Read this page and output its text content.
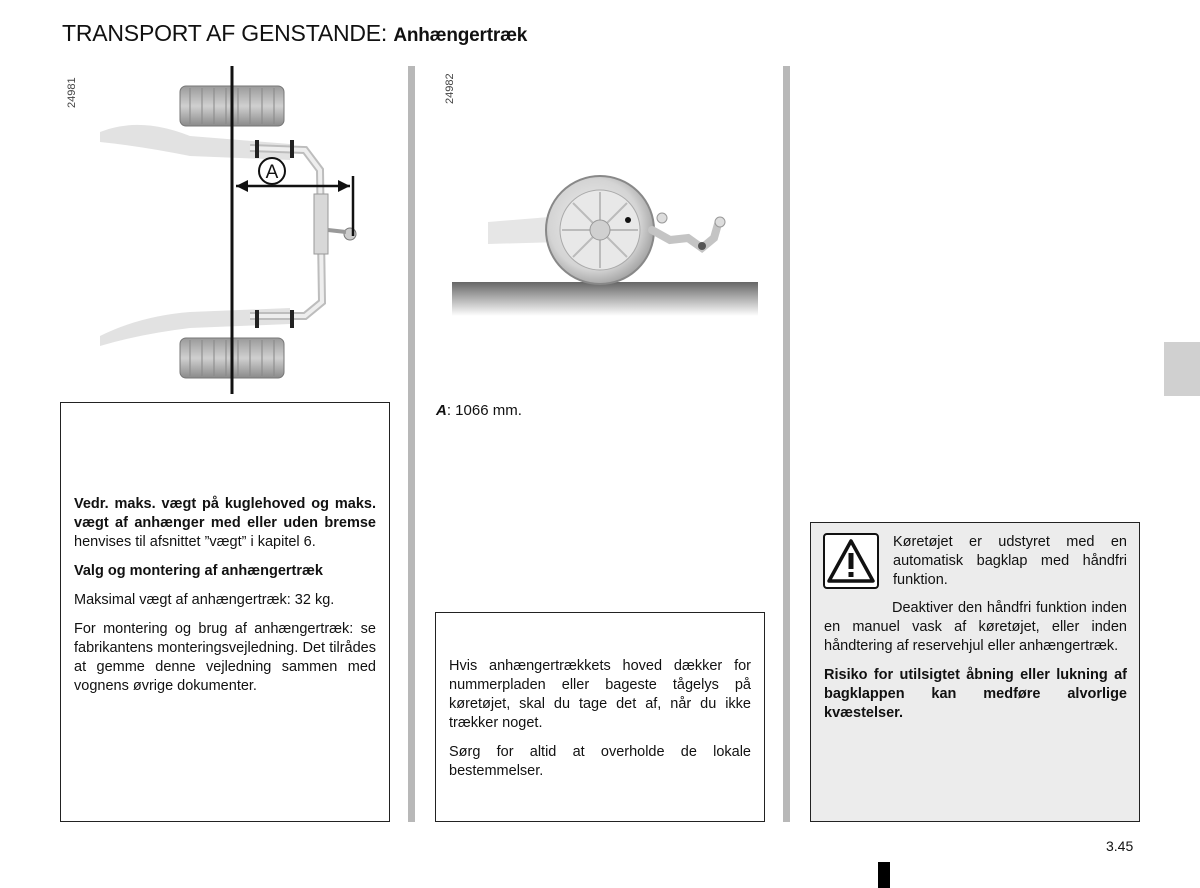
TRANSPORT AF GENSTANDE: Anhængertræk
24981
A
24982
A: 1066 mm.

Vedr. maks. vægt på kuglehoved og maks. vægt af anhænger med eller uden bremse henvises til afsnittet ”vægt” i kapitel 6.

Valg og montering af anhængertræk

Maksimal vægt af anhængertræk: 32 kg.

For montering og brug af anhængertræk: se fabrikantens monteringsvejledning. Det tilrådes at gemme denne vejledning sammen med vognens øvrige dokumenter.

Hvis anhængertrækkets hoved dækker for nummerpladen eller bageste tågelys på køretøjet, skal du tage det af, når du ikke trækker noget.

Sørg for altid at overholde de lokale bestemmelser.

Køretøjet er udstyret med en automatisk bagklap med håndfri funktion.

Deaktiver den håndfri funktion inden en manuel vask af køretøjet, eller inden håndtering af reservehjul eller anhængertræk.

Risiko for utilsigtet åbning eller lukning af bagklappen kan medføre alvorlige kvæstelser.

3.45
